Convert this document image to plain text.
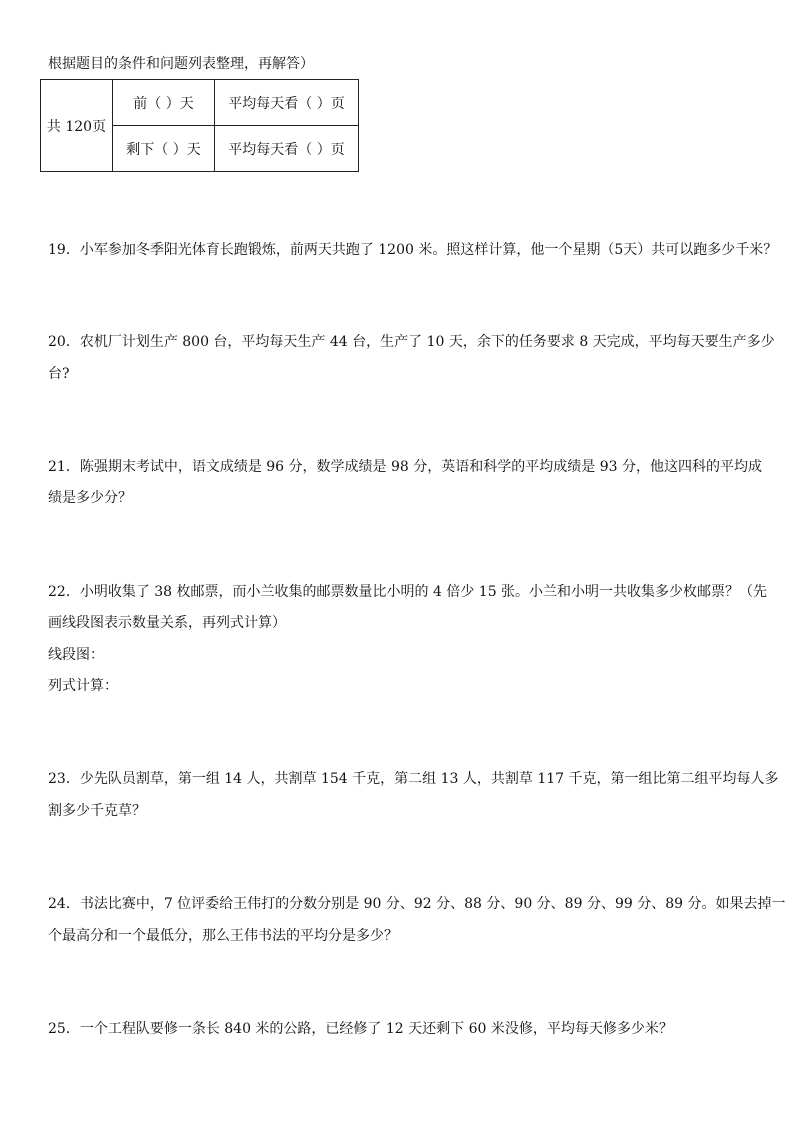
根据题目的条件和问题列表整理，再解答）
共 120页	前（ ）天	平均每天看（ ）页
	剩下（ ）天	平均每天看（ ）页
19．小军参加冬季阳光体育长跑锻炼，前两天共跑了 1200 米。照这样计算，他一个星期（5天）共可以跑多少千米？
20．农机厂计划生产 800 台，平均每天生产 44 台，生产了 10 天，余下的任务要求 8 天完成，平均每天要生产多少
台?
21．陈强期末考试中，语文成绩是 96 分，数学成绩是 98 分，英语和科学的平均成绩是 93 分，他这四科的平均成
绩是多少分？
22．小明收集了 38 枚邮票，而小兰收集的邮票数量比小明的 4 倍少 15 张。小兰和小明一共收集多少枚邮票？（先
画线段图表示数量关系，再列式计算）
线段图：
列式计算：
23．少先队员割草，第一组 14 人，共割草 154 千克，第二组 13 人，共割草 117 千克，第一组比第二组平均每人多
割多少千克草？
24．书法比赛中，7 位评委给王伟打的分数分别是 90 分、92 分、88 分、90 分、89 分、99 分、89 分。如果去掉一
个最高分和一个最低分，那么王伟书法的平均分是多少？
25．一个工程队要修一条长 840 米的公路，已经修了 12 天还剩下 60 米没修，平均每天修多少米？
